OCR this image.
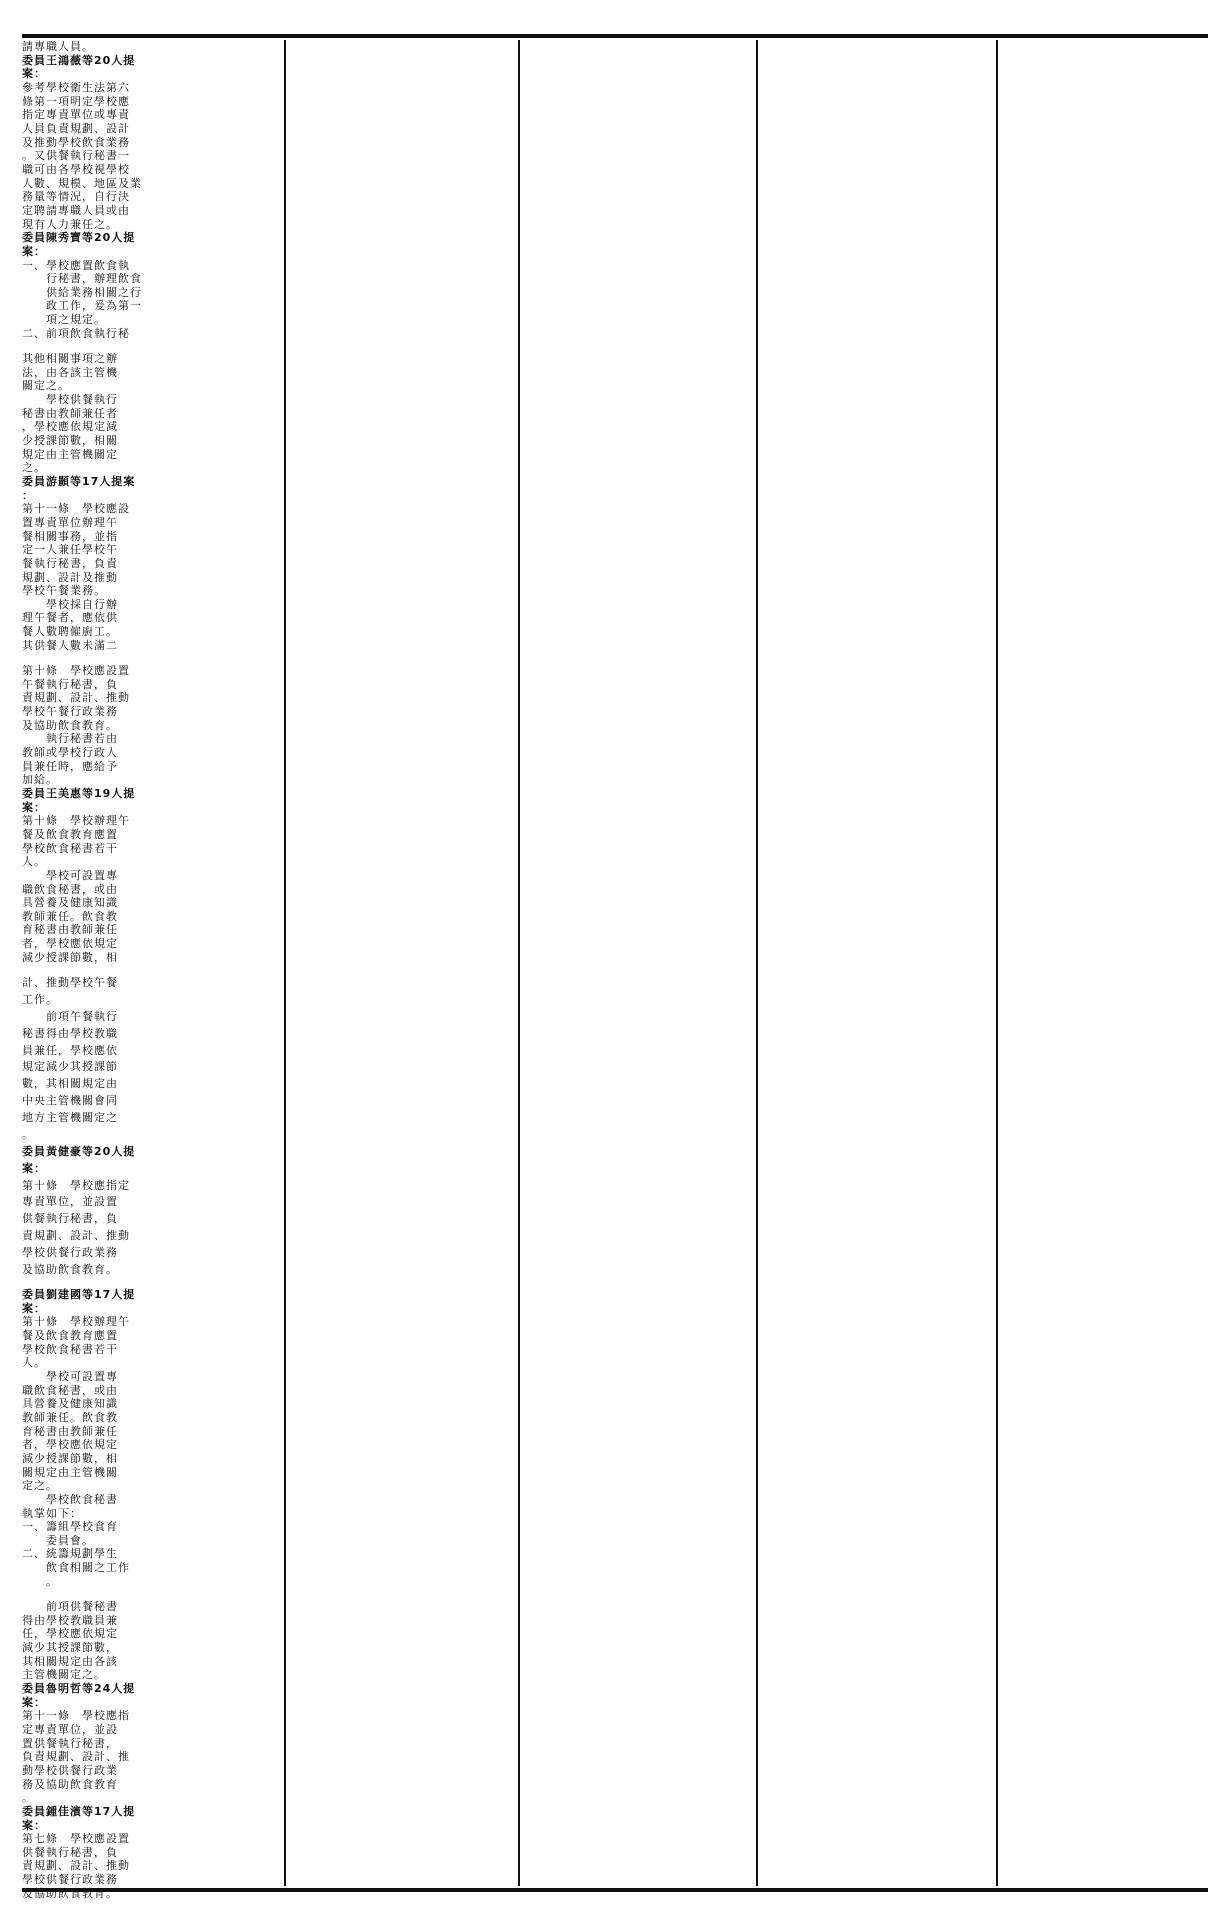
請專職人員。
委員王鴻薇等20人提
案：
參考學校衛生法第六
條第一項明定學校應
指定專責單位或專責
人員負責規劃、設計
及推動學校飲食業務
。又供餐執行秘書一
職可由各學校視學校
人數、規模、地區及業
務量等情況，自行決
定聘請專職人員或由
現有人力兼任之。
委員陳秀寶等20人提
案：
一、學校應置飲食執
　　行秘書，辦理飲食
　　供給業務相關之行
　　政工作，爰為第一
　　項之規定。
二、前項飲食執行秘
其他相關事項之辦
法，由各該主管機
關定之。
　　學校供餐執行
秘書由教師兼任者
，學校應依規定減
少授課節數，相關
規定由主管機關定
之。
委員游顥等17人提案
：
第十一條　學校應設
置專責單位辦理午
餐相關事務，並指
定一人兼任學校午
餐執行秘書，負責
規劃、設計及推動
學校午餐業務。
　　學校採自行辦
理午餐者，應依供
餐人數聘僱廚工。
其供餐人數未滿二
第十條　學校應設置
午餐執行秘書，負
責規劃、設計、推動
學校午餐行政業務
及協助飲食教育。
　　執行秘書若由
教師或學校行政人
員兼任時，應給予
加給。
委員王美惠等19人提
案：
第十條　學校辦理午
餐及飲食教育應置
學校飲食秘書若干
人。
　　學校可設置專
職飲食秘書，或由
具營養及健康知識
教師兼任。飲食教
育秘書由教師兼任
者，學校應依規定
減少授課節數，相
計、推動學校午餐
工作。
　　前項午餐執行
秘書得由學校教職
員兼任，學校應依
規定減少其授課節
數，其相關規定由
中央主管機關會同
地方主管機關定之
。
委員黃健豪等20人提
案：
第十條　學校應指定
專責單位，並設置
供餐執行秘書，負
責規劃、設計、推動
學校供餐行政業務
及協助飲食教育。
委員劉建國等17人提
案：
第十條　學校辦理午
餐及飲食教育應置
學校飲食秘書若干
人。
　　學校可設置專
職飲食秘書，或由
具營養及健康知識
教師兼任。飲食教
育秘書由教師兼任
者，學校應依規定
減少授課節數，相
關規定由主管機關
定之。
　　學校飲食秘書
執掌如下：
一、籌組學校食育
　　委員會。
二、統籌規劃學生
　　飲食相關之工作
　　。
　　前項供餐秘書
得由學校教職員兼
任，學校應依規定
減少其授課節數，
其相關規定由各該
主管機關定之。
委員魯明哲等24人提
案：
第十一條　學校應指
定專責單位，並設
置供餐執行秘書，
負責規劃、設計、推
動學校供餐行政業
務及協助飲食教育
。
委員鍾佳濱等17人提
案：
第七條　學校應設置
供餐執行秘書，負
責規劃、設計、推動
學校供餐行政業務
及協助飲食教育。
